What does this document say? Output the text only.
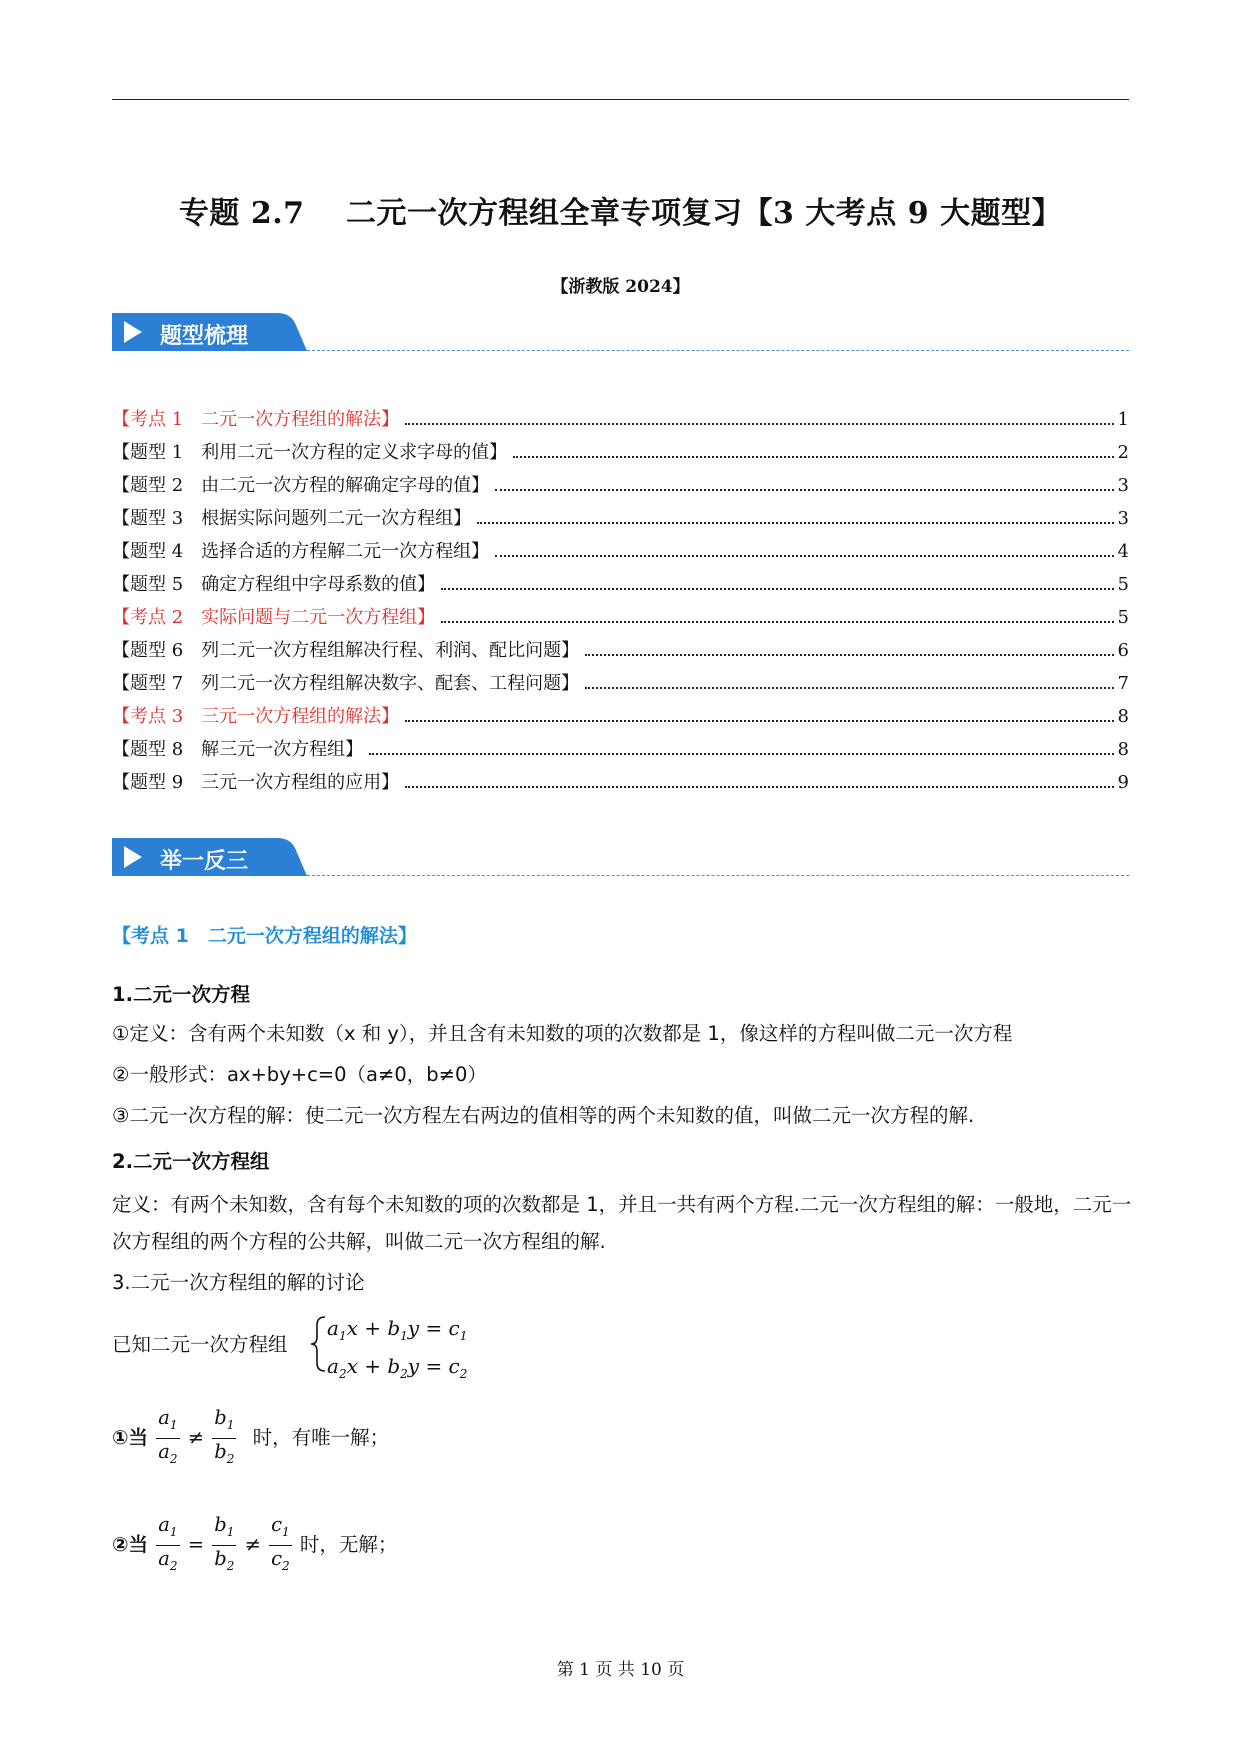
专题 2.7　 二元一次方程组全章专项复习【3 大考点 9 大题型】
【浙教版 2024】
题型梳理
【考点 1　二元一次方程组的解法】	1
【题型 1　利用二元一次方程的定义求字母的值】	2
【题型 2　由二元一次方程的解确定字母的值】	3
【题型 3　根据实际问题列二元一次方程组】	3
【题型 4　选择合适的方程解二元一次方程组】	4
【题型 5　确定方程组中字母系数的值】	5
【考点 2　实际问题与二元一次方程组】	5
【题型 6　列二元一次方程组解决行程、利润、配比问题】	6
【题型 7　列二元一次方程组解决数字、配套、工程问题】	7
【考点 3　三元一次方程组的解法】	8
【题型 8　解三元一次方程组】	8
【题型 9　三元一次方程组的应用】	9
举一反三
【考点 1　二元一次方程组的解法】
1.二元一次方程
①定义：含有两个未知数（x 和 y），并且含有未知数的项的次数都是 1，像这样的方程叫做二元一次方程
②一般形式：ax+by+c=0（a≠0，b≠0）
③二元一次方程的解：使二元一次方程左右两边的值相等的两个未知数的值，叫做二元一次方程的解.
2.二元一次方程组
定义：有两个未知数，含有每个未知数的项的次数都是 1，并且一共有两个方程.二元一次方程组的解：一般地，二元一次方程组的两个方程的公共解，叫做二元一次方程组的解.
3.二元一次方程组的解的讨论
已知二元一次方程组
$a_1x + b_1y = c_1$
$a_2x + b_2y = c_2$
①当 $\frac{a_1}{a_2} \ne \frac{b_1}{b_2}$ 时，有唯一解；
②当 $\frac{a_1}{a_2} = \frac{b_1}{b_2} \ne \frac{c_1}{c_2}$ 时，无解；
第 1 页 共 10 页
